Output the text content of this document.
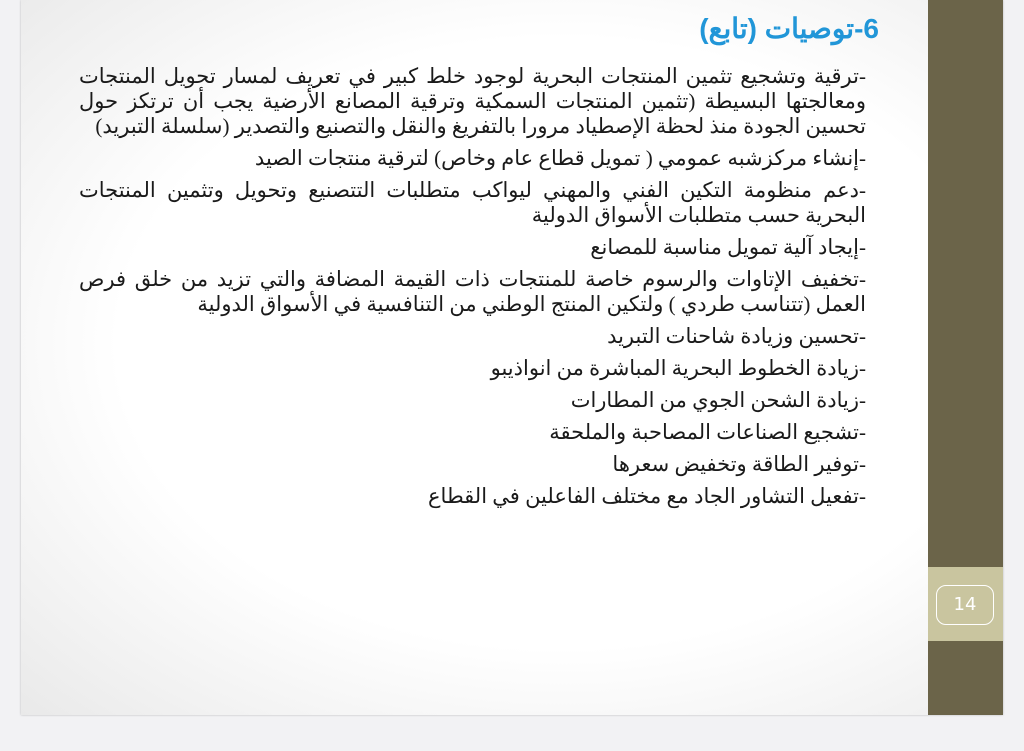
14
6-توصيات (تابع)
-ترقية وتشجيع تثمين المنتجات البحرية لوجود خلط كبير في تعريف لمسار تحويل المنتجات ومعالجتها البسيطة (تثمين المنتجات السمكية وترقية المصانع الأرضية يجب أن ترتكز حول تحسين الجودة منذ لحظة الإصطياد مرورا بالتفريغ والنقل والتصنيع والتصدير (سلسلة التبريد)
-إنشاء مركزشبه عمومي ( تمويل قطاع عام وخاص) لترقية منتجات الصيد
-دعم منظومة التكين الفني والمهني ليواكب متطلبات التتصنيع وتحويل وتثمين المنتجات البحرية حسب متطلبات الأسواق الدولية
-إيجاد آلية تمويل مناسبة للمصانع
-تخفيف الإتاوات والرسوم خاصة للمنتجات ذات القيمة المضافة والتي تزيد من خلق فرص العمل (تتناسب طردي ) ولتكين المنتج الوطني من التنافسية في الأسواق الدولية
-تحسين وزيادة شاحنات التبريد
-زيادة الخطوط البحرية المباشرة من انواذيبو
-زيادة الشحن الجوي من المطارات
-تشجيع الصناعات المصاحبة والملحقة
-توفير الطاقة وتخفيض سعرها
-تفعيل التشاور الجاد مع مختلف الفاعلين في القطاع
